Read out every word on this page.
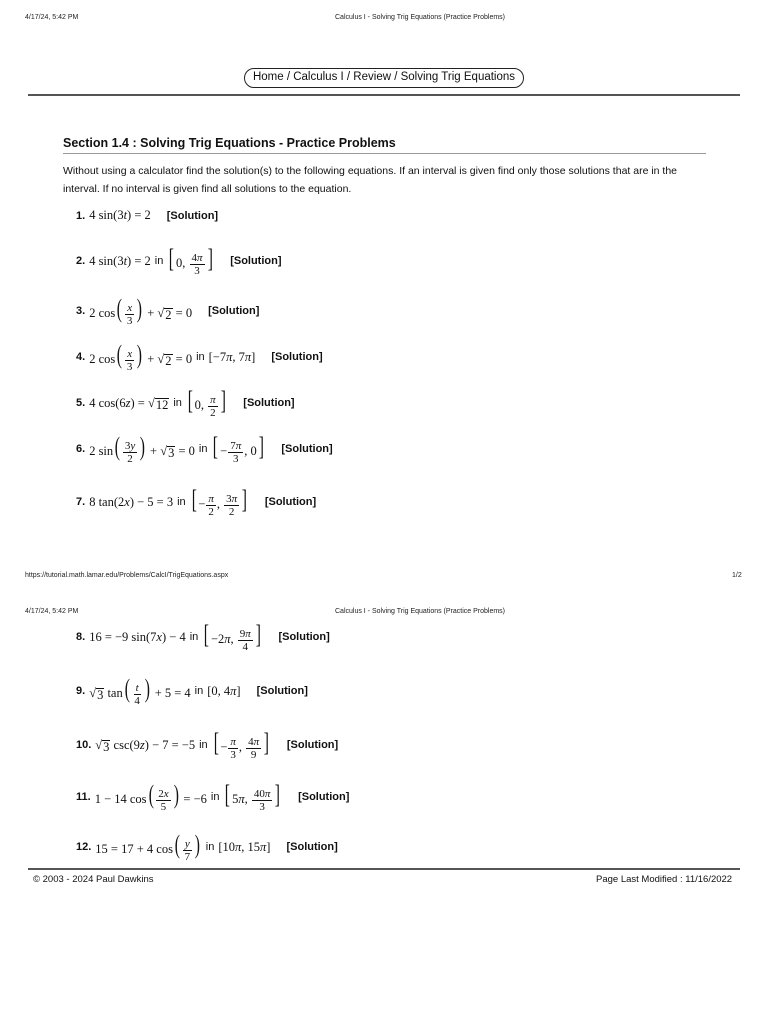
4/17/24, 5:42 PM	Calculus I - Solving Trig Equations (Practice Problems)
Home / Calculus I / Review / Solving Trig Equations
Section 1.4 : Solving Trig Equations - Practice Problems
Without using a calculator find the solution(s) to the following equations. If an interval is given find only those solutions that are in the interval. If no interval is given find all solutions to the equation.
1. 4 sin(3t) = 2 [Solution]
2. 4 sin(3t) = 2 in [ 0, $\frac{4\pi}{3}$ ] [Solution]
3. 2 $\cos( \frac{x}{3}$ ) + √ 2 = 0 [Solution]
4. 2 $\cos( \frac{x}{3}$ ) + √ 2 = 0 in [−7π, 7π] [Solution]
5. 4 cos(6z) = √ 12 in [ 0, $\frac{\pi}{2}$ ] [Solution]
6. 2 $\sin( \frac{3y}{2}$ ) + √ 3 = 0 in [ − $\frac{7\pi}{3}$ , 0] [Solution]
7. 8 tan(2x) − 5 = 3 in [ − $\frac{\pi}{2}$ , $\frac{3\pi}{2}$ ] [Solution]
https://tutorial.math.lamar.edu/Problems/CalcI/TrigEquations.aspx	1/2
4/17/24, 5:42 PM	Calculus I - Solving Trig Equations (Practice Problems)
8. 16 = −9 sin(7x) − 4 in [ −2π, $\frac{9\pi}{4}$ ] [Solution]
9. √ 3 $\tan( \frac{t}{4}$ ) + 5 = 4 in [0, 4π] [Solution]
10. √ 3 csc(9z) − 7 = −5 in [ − $\frac{\pi}{3}$ , $\frac{4\pi}{9}$ ] [Solution]
11. 1 − 14 $\cos( \frac{2x}{5}$ ) = −6 in [ 5π, $\frac{40\pi}{3}$ ] [Solution]
12. 15 = 17 + 4 $\cos( \frac{y}{7}$ ) in [10π, 15π] [Solution]
© 2003 - 2024 Paul Dawkins	Page Last Modified : 11/16/2022
